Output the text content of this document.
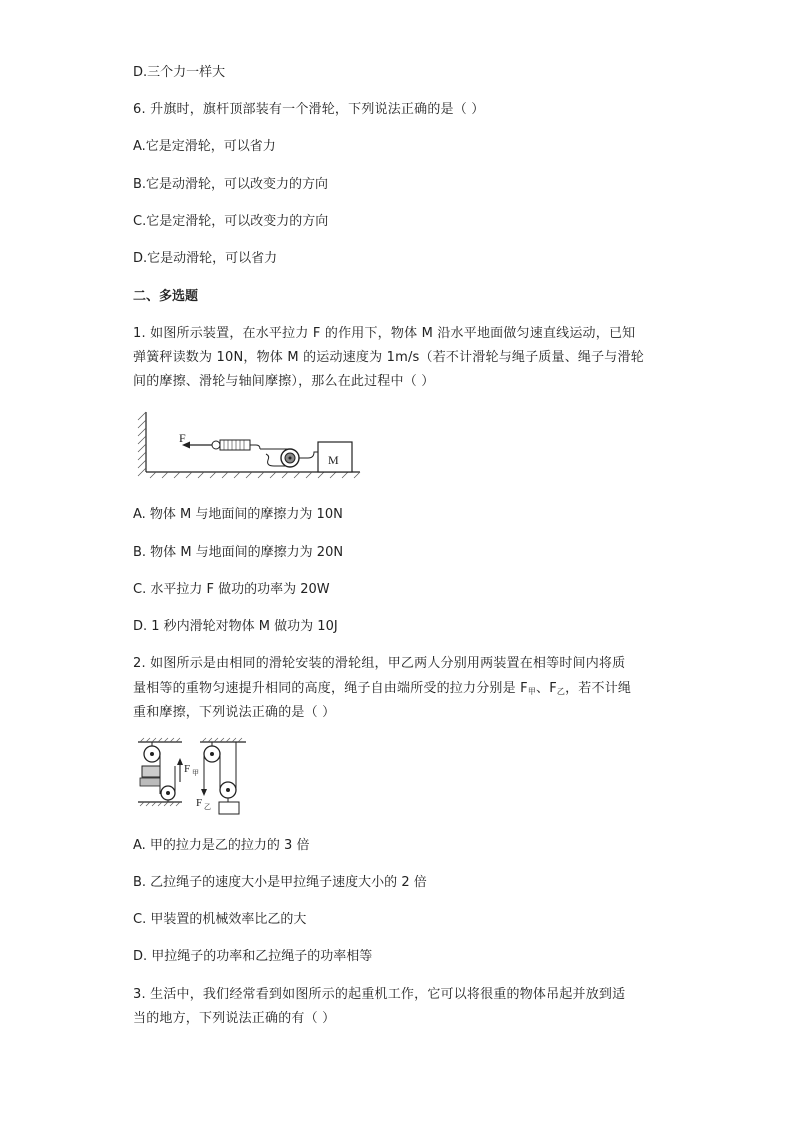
D.三个力一样大
6. 升旗时，旗杆顶部装有一个滑轮，下列说法正确的是（ ）
A.它是定滑轮，可以省力
B.它是动滑轮，可以改变力的方向
C.它是定滑轮，可以改变力的方向
D.它是动滑轮，可以省力
二、多选题
1. 如图所示装置，在水平拉力 F 的作用下，物体 M 沿水平地面做匀速直线运动，已知
弹簧秤读数为 10N，物体 M 的运动速度为 1m/s（若不计滑轮与绳子质量、绳子与滑轮
间的摩擦、滑轮与轴间摩擦），那么在此过程中（ ）
F
M
A. 物体 M 与地面间的摩擦力为 10N
B. 物体 M 与地面间的摩擦力为 20N
C. 水平拉力 F 做功的功率为 20W
D. 1 秒内滑轮对物体 M 做功为 10J
2. 如图所示是由相同的滑轮安装的滑轮组，甲乙两人分别用两装置在相等时间内将质
量相等的重物匀速提升相同的高度，绳子自由端所受的拉力分别是 $F_甲$、$F_乙$，若不计绳
重和摩擦，下列说法正确的是（ ）
F 甲
F 乙
A. 甲的拉力是乙的拉力的 3 倍
B. 乙拉绳子的速度大小是甲拉绳子速度大小的 2 倍
C. 甲装置的机械效率比乙的大
D. 甲拉绳子的功率和乙拉绳子的功率相等
3. 生活中，我们经常看到如图所示的起重机工作，它可以将很重的物体吊起并放到适
当的地方，下列说法正确的有（ ）
